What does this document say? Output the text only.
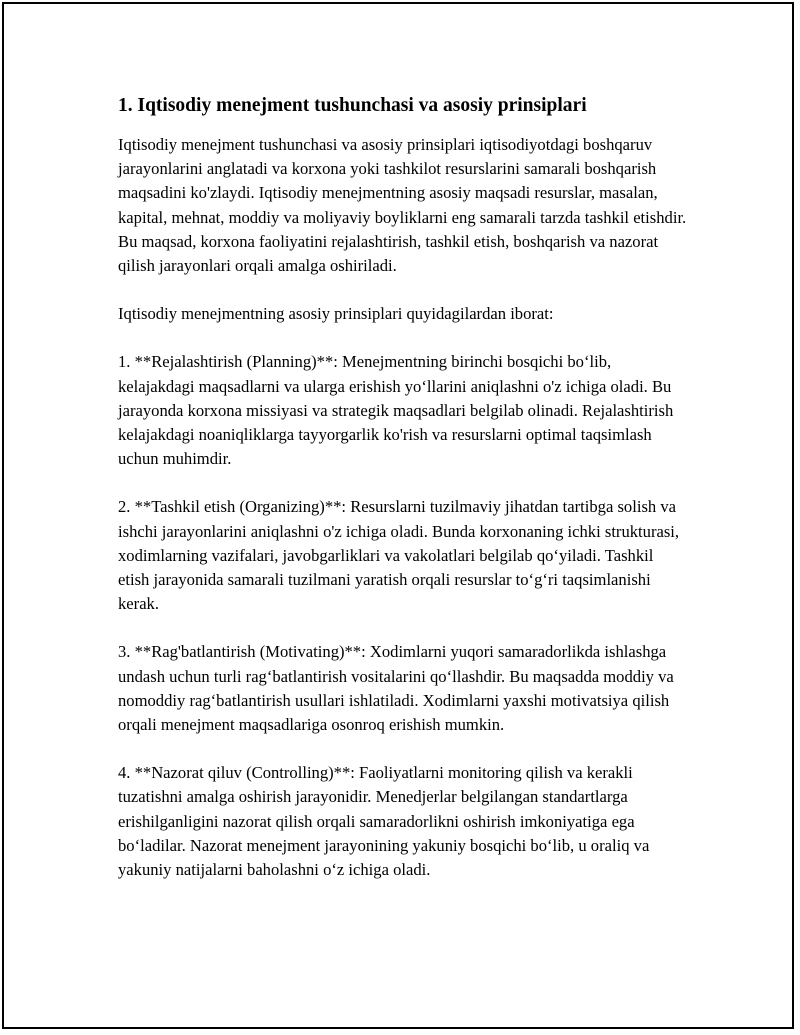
1. Iqtisodiy menejment tushunchasi va asosiy prinsiplari

Iqtisodiy menejment tushunchasi va asosiy prinsiplari iqtisodiyotdagi boshqaruv jarayonlarini anglatadi va korxona yoki tashkilot resurslarini samarali boshqarish maqsadini ko'zlaydi. Iqtisodiy menejmentning asosiy maqsadi resurslar, masalan, kapital, mehnat, moddiy va moliyaviy boyliklarni eng samarali tarzda tashkil etishdir. Bu maqsad, korxona faoliyatini rejalashtirish, tashkil etish, boshqarish va nazorat qilish jarayonlari orqali amalga oshiriladi.

Iqtisodiy menejmentning asosiy prinsiplari quyidagilardan iborat:

1. **Rejalashtirish (Planning)**: Menejmentning birinchi bosqichi bo‘lib, kelajakdagi maqsadlarni va ularga erishish yo‘llarini aniqlashni o'z ichiga oladi. Bu jarayonda korxona missiyasi va strategik maqsadlari belgilab olinadi. Rejalashtirish kelajakdagi noaniqliklarga tayyorgarlik ko'rish va resurslarni optimal taqsimlash uchun muhimdir.

2. **Tashkil etish (Organizing)**: Resurslarni tuzilmaviy jihatdan tartibga solish va ishchi jarayonlarini aniqlashni o'z ichiga oladi. Bunda korxonaning ichki strukturasi, xodimlarning vazifalari, javobgarliklari va vakolatlari belgilab qo‘yiladi. Tashkil etish jarayonida samarali tuzilmani yaratish orqali resurslar to‘g‘ri taqsimlanishi kerak.

3. **Rag'batlantirish (Motivating)**: Xodimlarni yuqori samaradorlikda ishlashga undash uchun turli rag‘batlantirish vositalarini qo‘llashdir. Bu maqsadda moddiy va nomoddiy rag‘batlantirish usullari ishlatiladi. Xodimlarni yaxshi motivatsiya qilish orqali menejment maqsadlariga osonroq erishish mumkin.

4. **Nazorat qiluv (Controlling)**: Faoliyatlarni monitoring qilish va kerakli tuzatishni amalga oshirish jarayonidir. Menedjerlar belgilangan standartlarga erishilganligini nazorat qilish orqali samaradorlikni oshirish imkoniyatiga ega bo‘ladilar. Nazorat menejment jarayonining yakuniy bosqichi bo‘lib, u oraliq va yakuniy natijalarni baholashni o‘z ichiga oladi.
